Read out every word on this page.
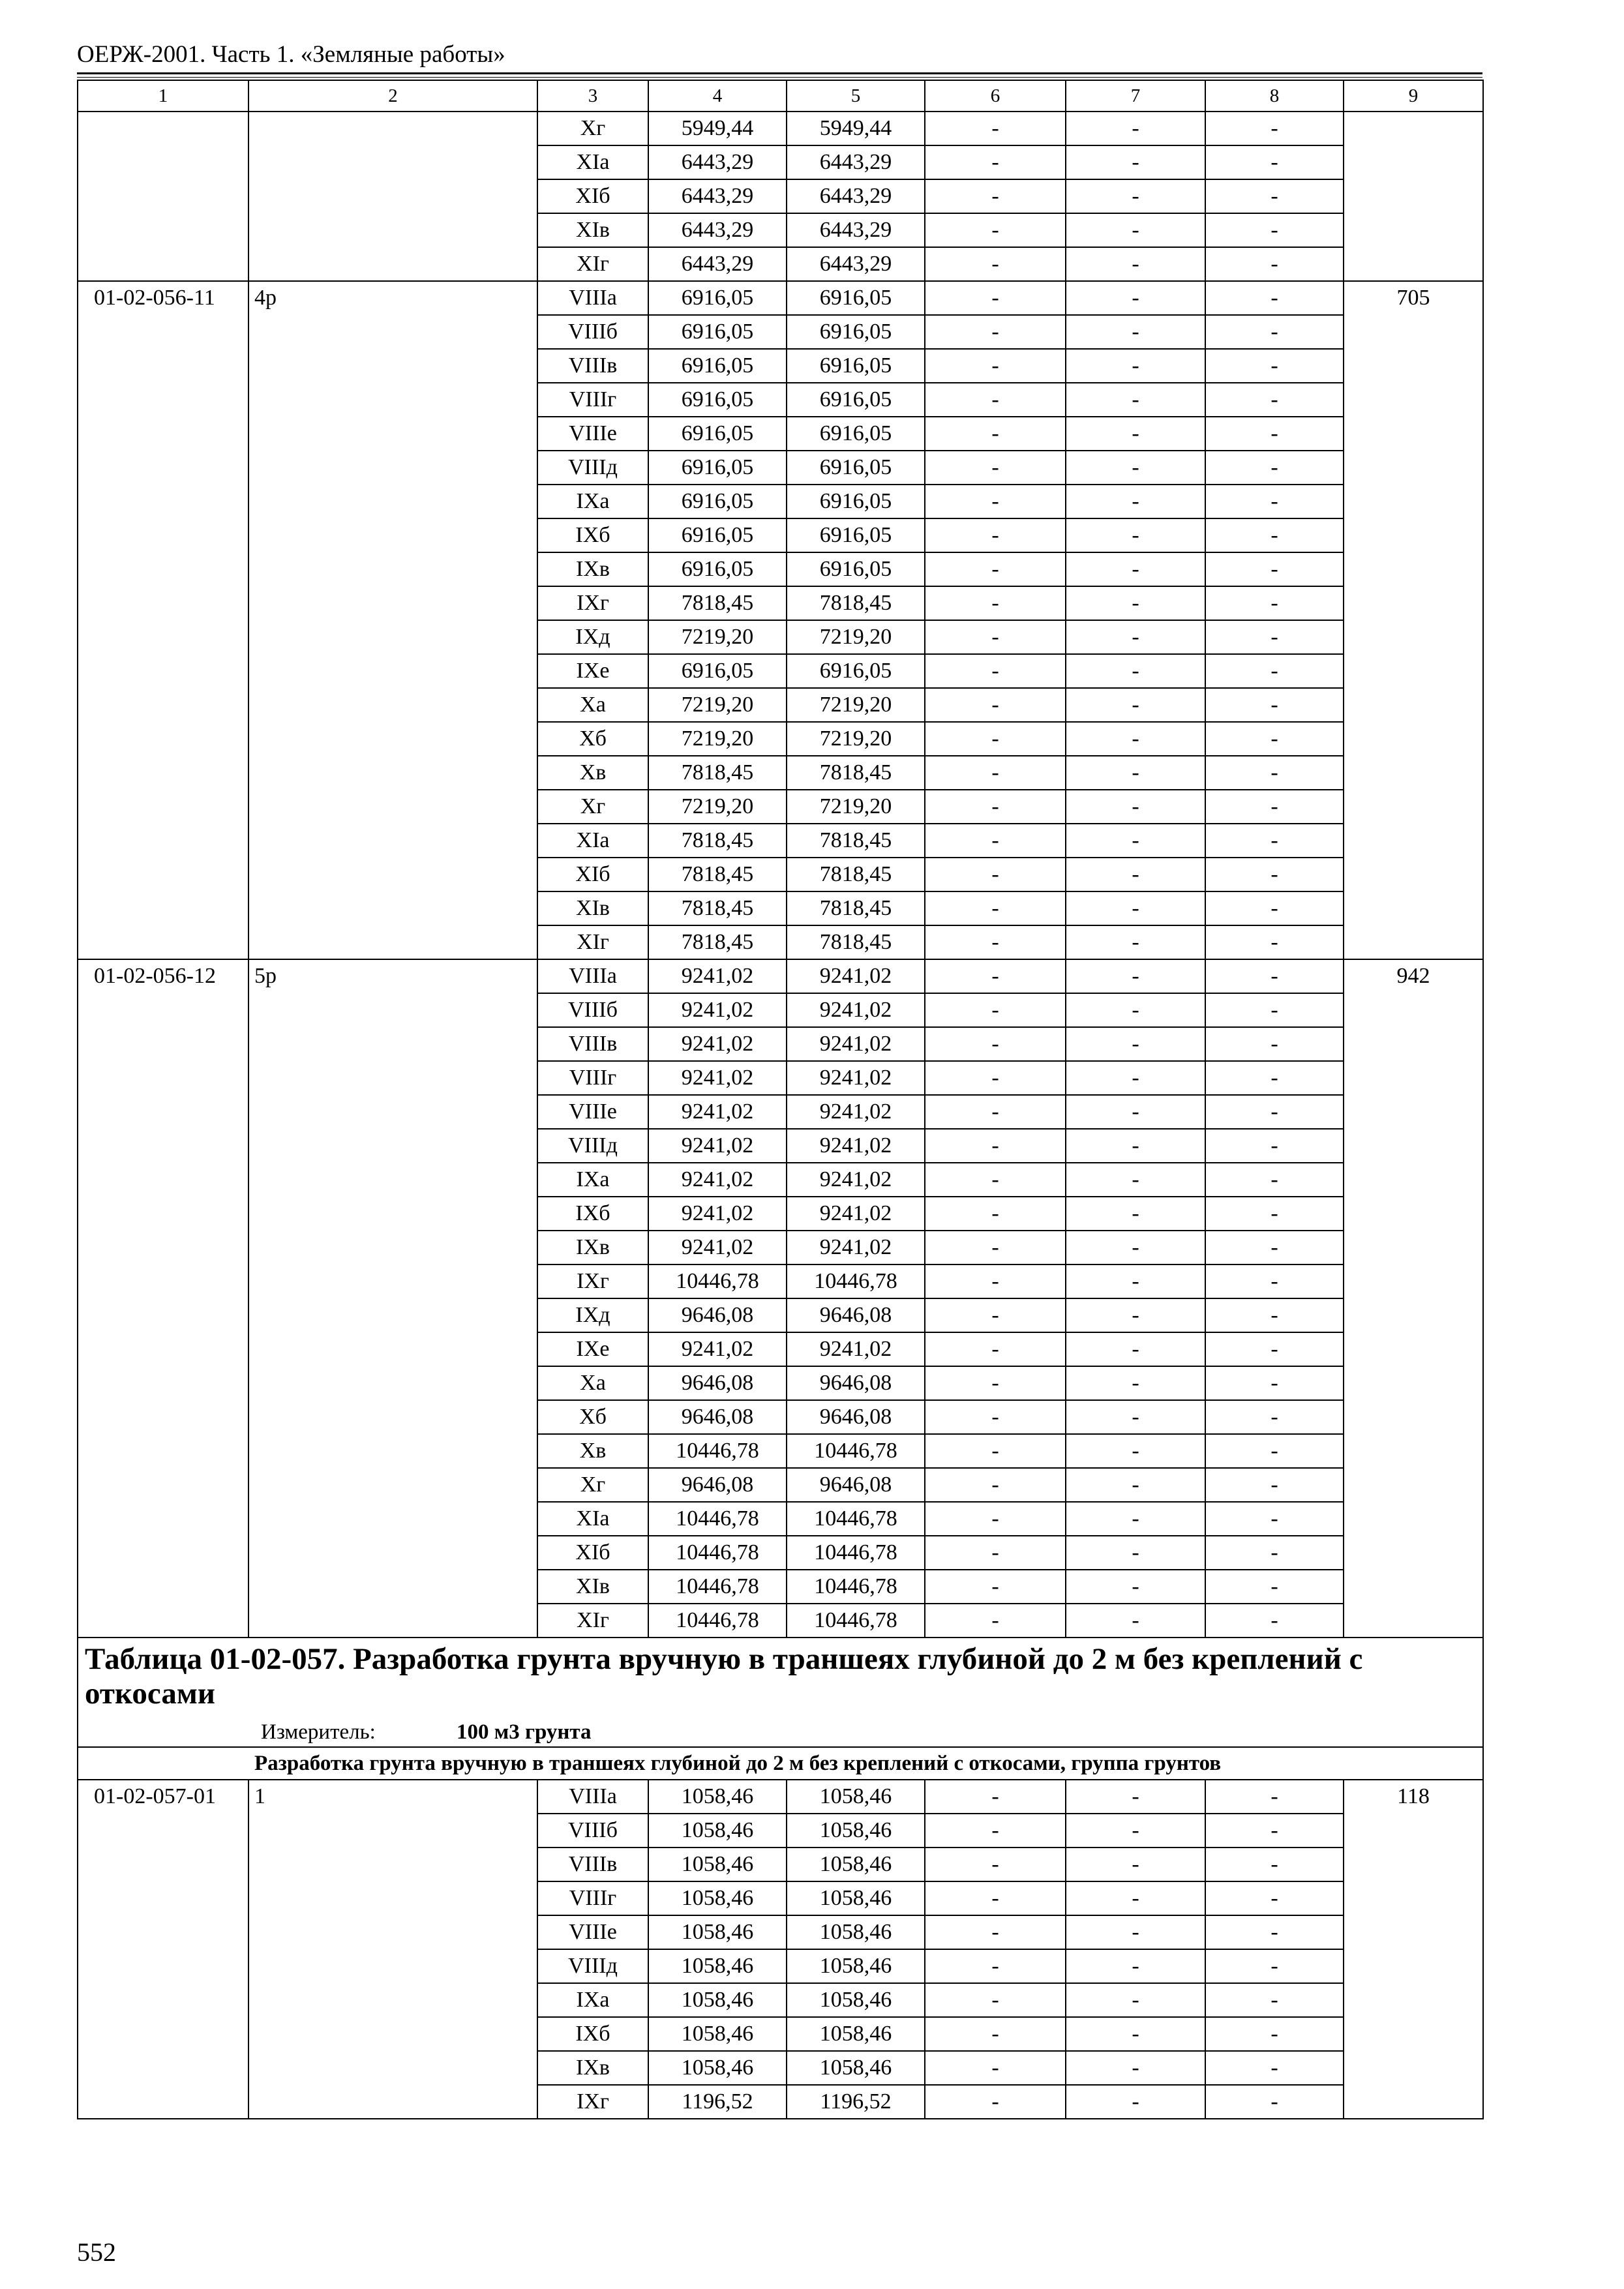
ОЕРЖ-2001. Часть 1. «Земляные работы»
1	2	3	4	5	6	7	8	9
		Xг	5949,44	5949,44	-	-	-	
		XIа	6443,29	6443,29	-	-	-	
		XIб	6443,29	6443,29	-	-	-	
		XIв	6443,29	6443,29	-	-	-	
		XIг	6443,29	6443,29	-	-	-	
01-02-056-11	4р	VIIIа	6916,05	6916,05	-	-	-	705
		VIIIб	6916,05	6916,05	-	-	-	
		VIIIв	6916,05	6916,05	-	-	-	
		VIIIг	6916,05	6916,05	-	-	-	
		VIIIе	6916,05	6916,05	-	-	-	
		VIIIд	6916,05	6916,05	-	-	-	
		IXа	6916,05	6916,05	-	-	-	
		IXб	6916,05	6916,05	-	-	-	
		IXв	6916,05	6916,05	-	-	-	
		IXг	7818,45	7818,45	-	-	-	
		IXд	7219,20	7219,20	-	-	-	
		IXе	6916,05	6916,05	-	-	-	
		Xа	7219,20	7219,20	-	-	-	
		Xб	7219,20	7219,20	-	-	-	
		Xв	7818,45	7818,45	-	-	-	
		Xг	7219,20	7219,20	-	-	-	
		XIа	7818,45	7818,45	-	-	-	
		XIб	7818,45	7818,45	-	-	-	
		XIв	7818,45	7818,45	-	-	-	
		XIг	7818,45	7818,45	-	-	-	
01-02-056-12	5р	VIIIа	9241,02	9241,02	-	-	-	942
		VIIIб	9241,02	9241,02	-	-	-	
		VIIIв	9241,02	9241,02	-	-	-	
		VIIIг	9241,02	9241,02	-	-	-	
		VIIIе	9241,02	9241,02	-	-	-	
		VIIIд	9241,02	9241,02	-	-	-	
		IXа	9241,02	9241,02	-	-	-	
		IXб	9241,02	9241,02	-	-	-	
		IXв	9241,02	9241,02	-	-	-	
		IXг	10446,78	10446,78	-	-	-	
		IXд	9646,08	9646,08	-	-	-	
		IXе	9241,02	9241,02	-	-	-	
		Xа	9646,08	9646,08	-	-	-	
		Xб	9646,08	9646,08	-	-	-	
		Xв	10446,78	10446,78	-	-	-	
		Xг	9646,08	9646,08	-	-	-	
		XIа	10446,78	10446,78	-	-	-	
		XIб	10446,78	10446,78	-	-	-	
		XIв	10446,78	10446,78	-	-	-	
		XIг	10446,78	10446,78	-	-	-	

Таблица 01-02-057. Разработка грунта вручную в траншеях глубиной до 2 м без креплений с откосами
Измеритель: 100 м3 грунта								

Разработка грунта вручную в траншеях глубиной до 2 м без креплений с откосами, группа грунтов								
01-02-057-01	1	VIIIа	1058,46	1058,46	-	-	-	118
		VIIIб	1058,46	1058,46	-	-	-	
		VIIIв	1058,46	1058,46	-	-	-	
		VIIIг	1058,46	1058,46	-	-	-	
		VIIIе	1058,46	1058,46	-	-	-	
		VIIIд	1058,46	1058,46	-	-	-	
		IXа	1058,46	1058,46	-	-	-	
		IXб	1058,46	1058,46	-	-	-	
		IXв	1058,46	1058,46	-	-	-	
		IXг	1196,52	1196,52	-	-	-	
552
